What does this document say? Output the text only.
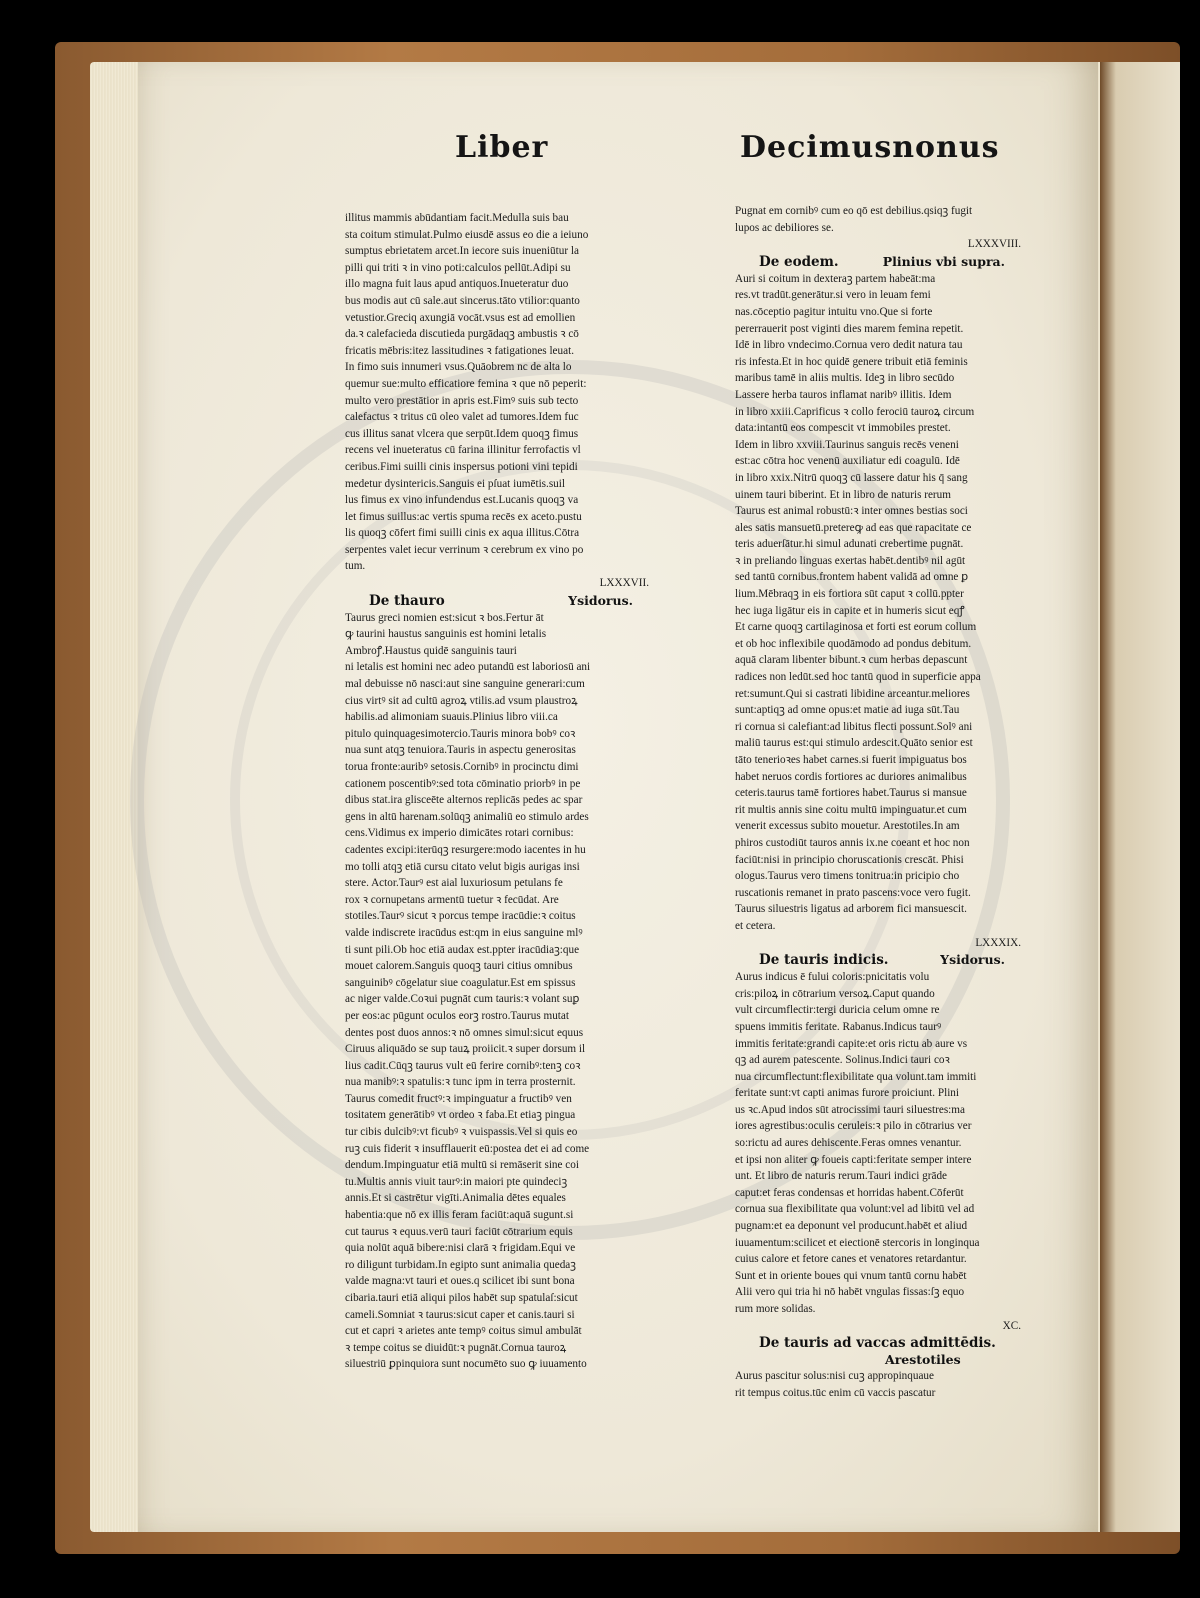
Liber	Decimusnonus

illitus mammis abūdantiam facit.Medulla suis bau
sta coitum stimulat.Pulmo eiusdē assus eo die a ieiuno
sumptus ebrietatem arcet.In iecore suis inueniūtur la
pilli qui triti ꝛ in vino poti:calculos pellūt.Adipi su
illo magna fuit laus apud antiquos.Inueteratur duo
bus modis aut cū sale.aut sincerus.tāto vtilior:quanto
vetustior.Greciq axungiā vocāt.vsus est ad emollien
da.ꝛ calefacieda discutieda purgādaqꝫ ambustis ꝛ cō
fricatis mēbris:itez lassitudines ꝛ fatigationes leuat.
In fimo suis innumeri vsus.Quāobrem nc de alta lo
quemur sue:multo efficatiore femina ꝛ que nō peperit:
multo vero prestātior in apris est.Fimꝰ suis sub tecto
calefactus ꝛ tritus cū oleo valet ad tumores.Idem fuc
cus illitus sanat vlcera que serpūt.Idem quoqꝫ fimus
recens vel inueteratus cū farina illinitur ferrofactis vl
ceribus.Fimi suilli cinis inspersus potioni vini tepidi
medetur dysintericis.Sanguis ei pſuat iumētis.suil
lus fimus ex vino infundendus est.Lucanis quoqꝫ va
let fimus suillus:ac vertis spuma recēs ex aceto.pustu
lis quoqꝫ cōfert fimi suilli cinis ex aqua illitus.Cōtra
serpentes valet iecur verrinum ꝛ cerebrum ex vino po
tum.

LXXXVII.
De thauro	Ysidorus.

Taurus greci nomien est:sicut ꝛ bos.Fertur āt
ꝙ taurini haustus sanguinis est homini letalis
Ambroꝭ.Haustus quidē sanguinis tauri
ni letalis est homini nec adeo putandū est laboriosū ani
mal debuisse nō nasci:aut sine sanguine generari:cum
cius virtꝰ sit ad cultū agroꝝ vtilis.ad vsum plaustroꝝ
habilis.ad alimoniam suauis.Plinius libro viii.ca
pitulo quinquagesimotercio.Tauris minora bobꝰ coꝛ
nua sunt atqꝫ tenuiora.Tauris in aspectu generositas
torua fronte:auribꝰ setosis.Cornibꝰ in procinctu dimi
cationem poscentibꝰ:sed tota cōminatio priorbꝰ in pe
dibus stat.ira glisceēte alternos replicās pedes ac spar
gens in altū harenam.solūqꝫ animaliū eo stimulo ardes
cens.Vidimus ex imperio dimicātes rotari cornibus:
cadentes excipi:iterūqꝫ resurgere:modo iacentes in hu
mo tolli atqꝫ etiā cursu citato velut bigis aurigas insi
stere. Actor.Taurꝰ est aial luxuriosum petulans fe
rox ꝛ cornupetans armentū tuetur ꝛ fecūdat. Are
stotiles.Taurꝰ sicut ꝛ porcus tempe iracūdie:ꝛ coitus
valde indiscrete iracūdus est:qm in eius sanguine mlꝰ
ti sunt pili.Ob hoc etiā audax est.ppter iracūdiaꝫ:que
mouet calorem.Sanguis quoqꝫ tauri citius omnibus
sanguinibꝰ cōgelatur siue coagulatur.Est em spissus
ac niger valde.Coꝛui pugnāt cum tauris:ꝛ volant suꝑ
per eos:ac pūgunt oculos eorꝫ rostro.Taurus mutat
dentes post duos annos:ꝛ nō omnes simul:sicut equus
Ciruus aliquādo se sup tauꝝ proiicit.ꝛ super dorsum il
lius cadit.Cūqꝫ taurus vult eū ferire cornibꝰ:tenꝫ coꝛ
nua manibꝰ:ꝛ spatulis:ꝛ tunc ipm in terra prosternit.
Taurus comedit fructꝰ:ꝛ impinguatur a fructibꝰ ven
tositatem generātibꝰ vt ordeo ꝛ faba.Et etiaꝫ pingua
tur cibis dulcibꝰ:vt ficubꝰ ꝛ vuispassis.Vel si quis eo
ruꝫ cuis fiderit ꝛ insufflauerit eū:postea det ei ad come
dendum.Impinguatur etiā multū si remāserit sine coi
tu.Multis annis viuit taurꝰ:in maiori pte quindeciꝫ
annis.Et si castrētur vigīti.Animalia dētes equales
habentia:que nō ex illis feram faciūt:aquā sugunt.si
cut taurus ꝛ equus.verū tauri faciūt cōtrarium equis
quia nolūt aquā bibere:nisi clarā ꝛ frigidam.Equi ve
ro diligunt turbidam.In egipto sunt animalia quedaꝫ
valde magna:vt tauri et oues.q scilicet ibi sunt bona
cibaria.tauri etiā aliqui pilos habēt sup spatulaſ:sicut
cameli.Somniat ꝛ taurus:sicut caper et canis.tauri si
cut et capri ꝛ arietes ante tempꝰ coitus simul ambulāt
ꝛ tempe coitus se diuidūt:ꝛ pugnāt.Cornua tauroꝝ
siluestriū ꝑpinquiora sunt nocumēto suo ꝙ iuuamento

Pugnat em cornibꝰ cum eo qō est debilius.qsiqꝫ fugit
lupos ac debiliores se.

LXXXVIII.
De eodem.	Plinius vbi supra.

Auri si coitum in dexteraꝫ partem habeāt:ma
res.vt tradūt.generātur.si vero in leuam femi
nas.cōceptio pagitur intuitu vno.Que si forte
pererrauerit post viginti dies marem femina repetit.
Idē in libro vndecimo.Cornua vero dedit natura tau
ris infesta.Et in hoc quidē genere tribuit etiā feminis
maribus tamē in aliis multis. Ideꝫ in libro secūdo
Lassere herba tauros inflamat naribꝰ illitis. Idem
in libro xxiii.Caprificus ꝛ collo ferociū tauroꝝ circum
data:intantū eos compescit vt immobiles prestet.
Idem in libro xxviii.Taurinus sanguis recēs veneni
est:ac cōtra hoc venenū auxiliatur edi coagulū. Idē
in libro xxix.Nitrū quoqꝫ cū lassere datur his q̄ sang
uinem tauri biberint. Et in libro de naturis rerum
Taurus est animal robustū:ꝛ inter omnes bestias soci
ales satis mansuetū.pretereꝙ ad eas que rapacitate ce
teris aduerſātur.hi simul adunati crebertime pugnāt.
ꝛ in preliando linguas exertas habēt.dentibꝰ nil agūt
sed tantū cornibus.frontem habent validā ad omne ꝑ
lium.Mēbraqꝫ in eis fortiora sūt caput ꝛ collū.ppter
hec iuga ligātur eis in capite et in humeris sicut eqꝭ
Et carne quoqꝫ cartilaginosa et forti est eorum collum
et ob hoc inflexibile quodāmodo ad pondus debitum.
aquā claram libenter bibunt.ꝛ cum herbas depascunt
radices non ledūt.sed hoc tantū quod in superficie appa
ret:sumunt.Qui si castrati libidine arceantur.meliores
sunt:aptiqꝫ ad omne opus:et matie ad iuga sūt.Tau
ri cornua si calefiant:ad libitus flecti possunt.Solꝰ ani
maliū taurus est:qui stimulo ardescit.Quāto senior est
tāto tenerioꝛes habet carnes.si fuerit impiguatus bos
habet neruos cordis fortiores ac duriores animalibus
ceteris.taurus tamē fortiores habet.Taurus si mansue
rit multis annis sine coitu multū impinguatur.et cum
venerit excessus subito mouetur. Arestotiles.In am
phiros custodiūt tauros annis ix.ne coeant et hoc non
faciūt:nisi in principio choruscationis crescāt. Phisi
ologus.Taurus vero timens tonitrua:in pricipio cho
ruscationis remanet in prato pascens:voce vero fugit.
Taurus siluestris ligatus ad arborem fici mansuescit.
et cetera.

LXXXIX.
De tauris indicis.	Ysidorus.

Aurus indicus ē fului coloris:pnicitatis volu
cris:piloꝝ in cōtrarium versoꝝ.Caput quando
vult circumflectir:tergi duricia celum omne re
spuens immitis feritate. Rabanus.Indicus taurꝰ
immitis feritate:grandi capite:et oris rictu ab aure vs
qꝫ ad aurem patescente. Solinus.Indici tauri coꝛ
nua circumflectunt:flexibilitate qua volunt.tam immiti
feritate sunt:vt capti animas furore proiciunt. Plini
us ꝛc.Apud indos sūt atrocissimi tauri siluestres:ma
iores agrestibus:oculis ceruleis:ꝛ pilo in cōtrarius ver
so:rictu ad aures dehiscente.Feras omnes venantur.
et ipsi non aliter ꝙ foueis capti:feritate semper intere
unt. Et libro de naturis rerum.Tauri indici grāde
caput:et feras condensas et horridas habent.Cōferūt
cornua sua flexibilitate qua volunt:vel ad libitū vel ad
pugnam:et ea deponunt vel producunt.habēt et aliud
iuuamentum:scilicet et eiectionē stercoris in longinqua
cuius calore et fetore canes et venatores retardantur.
Sunt et in oriente boues qui vnum tantū cornu habēt
Alii vero qui tria hi nō habēt vngulas fissas:ſꝫ equo
rum more solidas.

XC.
De tauris ad vaccas admittēdis.
Arestotiles

Aurus pascitur solus:nisi cuꝫ appropinquaue
rit tempus coitus.tūc enim cū vaccis pascatur
